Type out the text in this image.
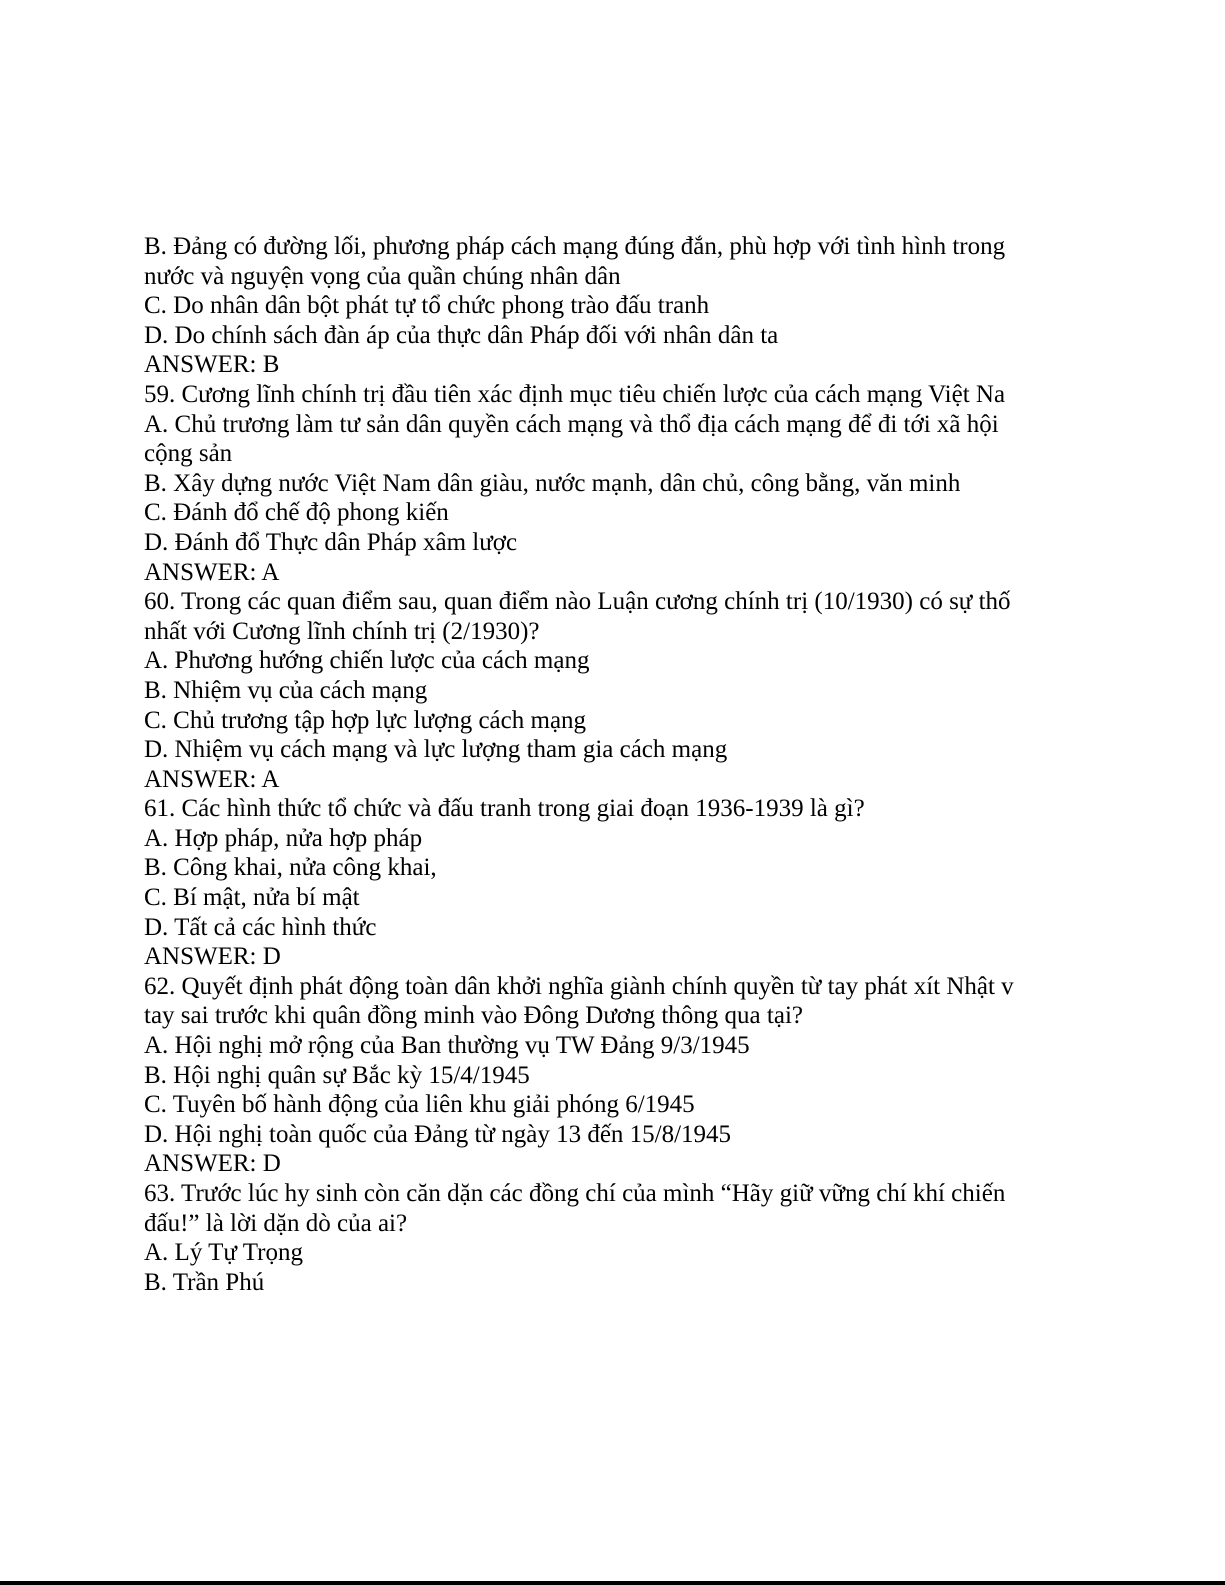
B. Đảng có đường lối, phương pháp cách mạng đúng đắn, phù hợp với tình hình trong
nước và nguyện vọng của quần chúng nhân dân
C. Do nhân dân bột phát tự tổ chức phong trào đấu tranh
D. Do chính sách đàn áp của thực dân Pháp đối với nhân dân ta
ANSWER: B
59. Cương lĩnh chính trị đầu tiên xác định mục tiêu chiến lược của cách mạng Việt Na
A. Chủ trương làm tư sản dân quyền cách mạng và thổ địa cách mạng để đi tới xã hội
cộng sản
B. Xây dựng nước Việt Nam dân giàu, nước mạnh, dân chủ, công bằng, văn minh
C. Đánh đổ chế độ phong kiến
D. Đánh đổ Thực dân Pháp xâm lược
ANSWER: A
60. Trong các quan điểm sau, quan điểm nào Luận cương chính trị (10/1930) có sự thố
nhất với Cương lĩnh chính trị (2/1930)?
A. Phương hướng chiến lược của cách mạng
B. Nhiệm vụ của cách mạng
C. Chủ trương tập hợp lực lượng cách mạng
D. Nhiệm vụ cách mạng và lực lượng tham gia cách mạng
ANSWER: A
61. Các hình thức tổ chức và đấu tranh trong giai đoạn 1936-1939 là gì?
A. Hợp pháp, nửa hợp pháp
B. Công khai, nửa công khai,
C. Bí mật, nửa bí mật
D. Tất cả các hình thức
ANSWER: D
62. Quyết định phát động toàn dân khởi nghĩa giành chính quyền từ tay phát xít Nhật v
tay sai trước khi quân đồng minh vào Đông Dương thông qua tại?
A. Hội nghị mở rộng của Ban thường vụ TW Đảng 9/3/1945
B. Hội nghị quân sự Bắc kỳ 15/4/1945
C. Tuyên bố hành động của liên khu giải phóng 6/1945
D. Hội nghị toàn quốc của Đảng từ ngày 13 đến 15/8/1945
ANSWER: D
63. Trước lúc hy sinh còn căn dặn các đồng chí của mình “Hãy giữ vững chí khí chiến
đấu!” là lời dặn dò của ai?
A. Lý Tự Trọng
B. Trần Phú
